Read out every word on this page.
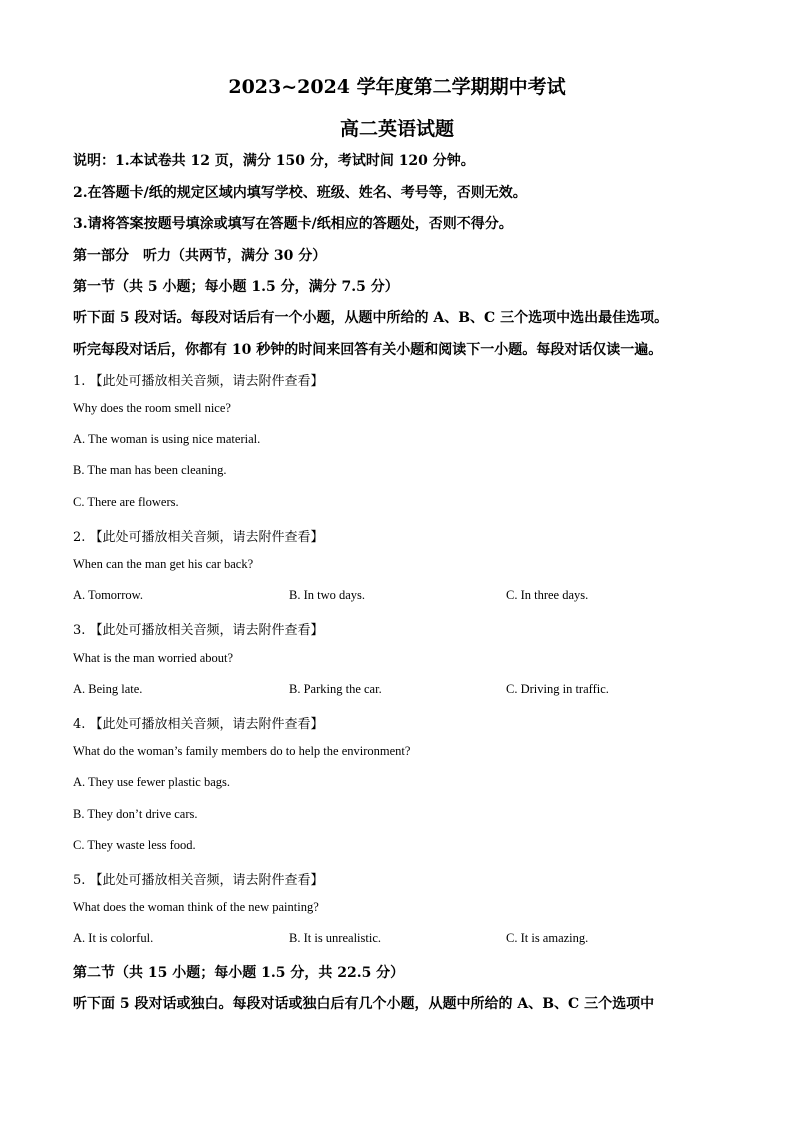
2023~2024 学年度第二学期期中考试
高二英语试题
说明：1.本试卷共 12 页，满分 150 分，考试时间 120 分钟。
2.在答题卡/纸的规定区域内填写学校、班级、姓名、考号等，否则无效。
3.请将答案按题号填涂或填写在答题卡/纸相应的答题处，否则不得分。
第一部分　听力（共两节，满分 30 分）
第一节（共 5 小题；每小题 1.5 分，满分 7.5 分）
听下面 5 段对话。每段对话后有一个小题，从题中所给的 A、B、C 三个选项中选出最佳选项。
听完每段对话后，你都有 10 秒钟的时间来回答有关小题和阅读下一小题。每段对话仅读一遍。
1. 【此处可播放相关音频，请去附件查看】
Why does the room smell nice?
A. The woman is using nice material.
B. The man has been cleaning.
C. There are flowers.
2. 【此处可播放相关音频，请去附件查看】
When can the man get his car back?
A. Tomorrow.	B. In two days.	C. In three days.
3. 【此处可播放相关音频，请去附件查看】
What is the man worried about?
A. Being late.	B. Parking the car.	C. Driving in traffic.
4. 【此处可播放相关音频，请去附件查看】
What do the woman’s family members do to help the environment?
A. They use fewer plastic bags.
B. They don’t drive cars.
C. They waste less food.
5. 【此处可播放相关音频，请去附件查看】
What does the woman think of the new painting?
A. It is colorful.	B. It is unrealistic.	C. It is amazing.
第二节（共 15 小题；每小题 1.5 分，共 22.5 分）
听下面 5 段对话或独白。每段对话或独白后有几个小题，从题中所给的 A、B、C 三个选项中
